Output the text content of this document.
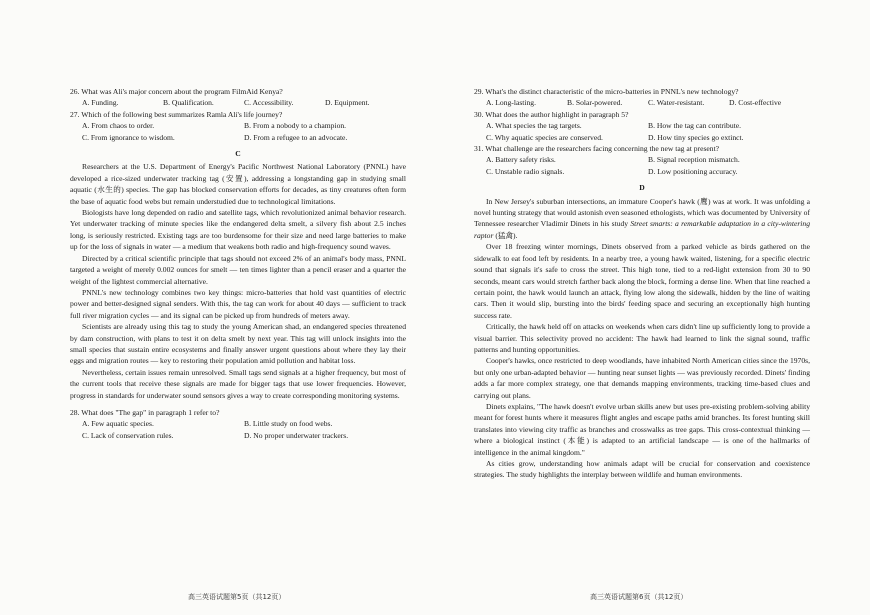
26. What was Ali's major concern about the program FilmAid Kenya?

A. Funding.	B. Qualification.	C. Accessibility.	D. Equipment.

27. Which of the following best summarizes Ramla Ali's life journey?

A. From chaos to order.	B. From a nobody to a champion.
C. From ignorance to wisdom.	D. From a refugee to an advocate.
C

Researchers at the U.S. Department of Energy's Pacific Northwest National Laboratory (PNNL) have developed a rice-sized underwater tracking tag (安置), addressing a longstanding gap in studying small aquatic (水生的) species. The gap has blocked conservation efforts for decades, as tiny creatures often form the base of aquatic food webs but remain understudied due to technological limitations.

Biologists have long depended on radio and satellite tags, which revolutionized animal behavior research. Yet underwater tracking of minute species like the endangered delta smelt, a silvery fish about 2.5 inches long, is seriously restricted. Existing tags are too burdensome for their size and need large batteries to make up for the loss of signals in water — a medium that weakens both radio and high-frequency sound waves.

Directed by a critical scientific principle that tags should not exceed 2% of an animal's body mass, PNNL targeted a weight of merely 0.002 ounces for smelt — ten times lighter than a pencil eraser and a quarter the weight of the lightest commercial alternative.

PNNL's new technology combines two key things: micro-batteries that hold vast quantities of electric power and better-designed signal senders. With this, the tag can work for about 40 days — sufficient to track full river migration cycles — and its signal can be picked up from hundreds of meters away.

Scientists are already using this tag to study the young American shad, an endangered species threatened by dam construction, with plans to test it on delta smelt by next year. This tag will unlock insights into the small species that sustain entire ecosystems and finally answer urgent questions about where they lay their eggs and migration routes — key to restoring their population amid pollution and habitat loss.

Nevertheless, certain issues remain unresolved. Small tags send signals at a higher frequency, but most of the current tools that receive these signals are made for bigger tags that use lower frequencies. However, progress in standards for underwater sound sensors gives a way to create corresponding monitoring systems.

28. What does "The gap" in paragraph 1 refer to?

A. Few aquatic species.	B. Little study on food webs.
C. Lack of conservation rules.	D. No proper underwater trackers.

29. What's the distinct characteristic of the micro-batteries in PNNL's new technology?

A. Long-lasting.	B. Solar-powered.	C. Water-resistant.	D. Cost-effective

30. What does the author highlight in paragraph 5?

A. What species the tag targets.	B. How the tag can contribute.
C. Why aquatic species are conserved.	D. How tiny species go extinct.

31. What challenge are the researchers facing concerning the new tag at present?

A. Battery safety risks.	B. Signal reception mismatch.
C. Unstable radio signals.	D. Low positioning accuracy.
D

In New Jersey's suburban intersections, an immature Cooper's hawk (鹰) was at work. It was unfolding a novel hunting strategy that would astonish even seasoned ethologists, which was documented by University of Tennessee researcher Vladimir Dinets in his study Street smarts: a remarkable adaptation in a city-wintering raptor (猛禽).

Over 18 freezing winter mornings, Dinets observed from a parked vehicle as birds gathered on the sidewalk to eat food left by residents. In a nearby tree, a young hawk waited, listening, for a specific electric sound that signals it's safe to cross the street. This high tone, tied to a red-light extension from 30 to 90 seconds, meant cars would stretch farther back along the block, forming a dense line. When that line reached a certain point, the hawk would launch an attack, flying low along the sidewalk, hidden by the line of waiting cars. Then it would slip, bursting into the birds' feeding space and securing an exceptionally high hunting success rate.

Critically, the hawk held off on attacks on weekends when cars didn't line up sufficiently long to provide a visual barrier. This selectivity proved no accident: The hawk had learned to link the signal sound, traffic patterns and hunting opportunities.

Cooper's hawks, once restricted to deep woodlands, have inhabited North American cities since the 1970s, but only one urban-adapted behavior — hunting near sunset lights — was previously recorded. Dinets' finding adds a far more complex strategy, one that demands mapping environments, tracking time-based clues and carrying out plans.

Dinets explains, "The hawk doesn't evolve urban skills anew but uses pre-existing problem-solving ability meant for forest hunts where it measures flight angles and escape paths amid branches. Its forest hunting skill translates into viewing city traffic as branches and crosswalks as tree gaps. This cross-contextual thinking — where a biological instinct (本能) is adapted to an artificial landscape — is one of the hallmarks of intelligence in the animal kingdom."

As cities grow, understanding how animals adapt will be crucial for conservation and coexistence strategies. The study highlights the interplay between wildlife and human environments.

高三英语试题第5页（共12页）	高三英语试题第6页（共12页）
